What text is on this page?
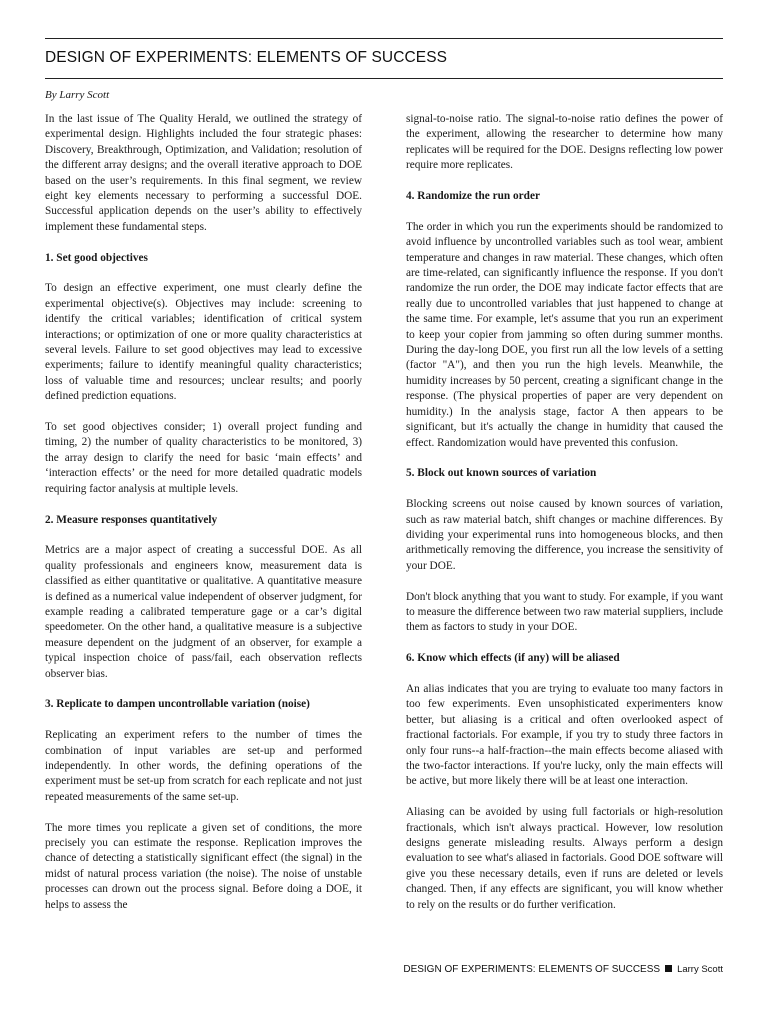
DESIGN OF EXPERIMENTS: ELEMENTS OF SUCCESS

By Larry Scott

In the last issue of The Quality Herald, we outlined the strategy of experimental design. Highlights included the four strategic phases: Discovery, Breakthrough, Optimization, and Validation; resolution of the different array designs; and the overall iterative approach to DOE based on the user’s requirements. In this final segment, we review eight key elements necessary to performing a successful DOE. Successful application depends on the user’s ability to effectively implement these fundamental steps.

1. Set good objectives

To design an effective experiment, one must clearly define the experimental objective(s). Objectives may include: screening to identify the critical variables; identification of critical system interactions; or optimization of one or more quality characteristics at several levels. Failure to set good objectives may lead to excessive experiments; failure to identify meaningful quality characteristics; loss of valuable time and resources; unclear results; and poorly defined prediction equations.

To set good objectives consider; 1) overall project funding and timing, 2) the number of quality characteristics to be monitored, 3) the array design to clarify the need for basic ‘main effects’ and ‘interaction effects’ or the need for more detailed quadratic models requiring factor analysis at multiple levels.

2. Measure responses quantitatively

Metrics are a major aspect of creating a successful DOE. As all quality professionals and engineers know, measurement data is classified as either quantitative or qualitative. A quantitative measure is defined as a numerical value independent of observer judgment, for example reading a calibrated temperature gage or a car’s digital speedometer. On the other hand, a qualitative measure is a subjective measure dependent on the judgment of an observer, for example a typical inspection choice of pass/fail, each observation reflects observer bias.

3. Replicate to dampen uncontrollable variation (noise)

Replicating an experiment refers to the number of times the combination of input variables are set-up and performed independently. In other words, the defining operations of the experiment must be set-up from scratch for each replicate and not just repeated measurements of the same set-up.

The more times you replicate a given set of conditions, the more precisely you can estimate the response. Replication improves the chance of detecting a statistically significant effect (the signal) in the midst of natural process variation (the noise). The noise of unstable processes can drown out the process signal. Before doing a DOE, it helps to assess the

signal-to-noise ratio. The signal-to-noise ratio defines the power of the experiment, allowing the researcher to determine how many replicates will be required for the DOE. Designs reflecting low power require more replicates.

4. Randomize the run order

The order in which you run the experiments should be randomized to avoid influence by uncontrolled variables such as tool wear, ambient temperature and changes in raw material. These changes, which often are time-related, can significantly influence the response. If you don't randomize the run order, the DOE may indicate factor effects that are really due to uncontrolled variables that just happened to change at the same time. For example, let's assume that you run an experiment to keep your copier from jamming so often during summer months. During the day-long DOE, you first run all the low levels of a setting (factor "A"), and then you run the high levels. Meanwhile, the humidity increases by 50 percent, creating a significant change in the response. (The physical properties of paper are very dependent on humidity.) In the analysis stage, factor A then appears to be significant, but it's actually the change in humidity that caused the effect. Randomization would have prevented this confusion.

5. Block out known sources of variation

Blocking screens out noise caused by known sources of variation, such as raw material batch, shift changes or machine differences. By dividing your experimental runs into homogeneous blocks, and then arithmetically removing the difference, you increase the sensitivity of your DOE.

Don't block anything that you want to study. For example, if you want to measure the difference between two raw material suppliers, include them as factors to study in your DOE.

6. Know which effects (if any) will be aliased

An alias indicates that you are trying to evaluate too many factors in too few experiments. Even unsophisticated experimenters know better, but aliasing is a critical and often overlooked aspect of fractional factorials. For example, if you try to study three factors in only four runs--a half-fraction--the main effects become aliased with the two-factor interactions. If you're lucky, only the main effects will be active, but more likely there will be at least one interaction.

Aliasing can be avoided by using full factorials or high-resolution fractionals, which isn't always practical. However, low resolution designs generate misleading results. Always perform a design evaluation to see what's aliased in factorials. Good DOE software will give you these necessary details, even if runs are deleted or levels changed. Then, if any effects are significant, you will know whether to rely on the results or do further verification.

DESIGN OF EXPERIMENTS: ELEMENTS OF SUCCESS Larry Scott
